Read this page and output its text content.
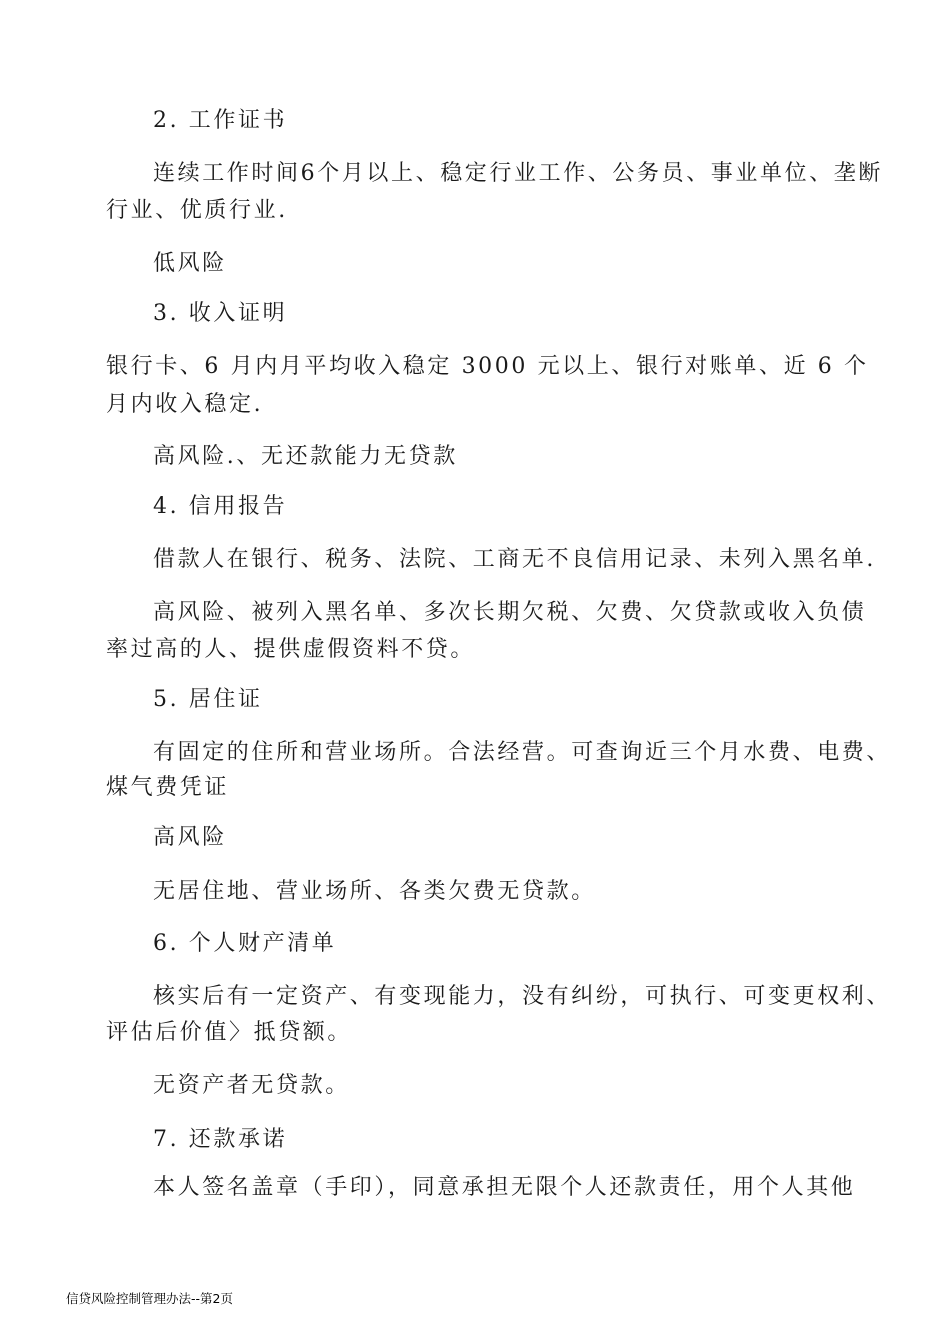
2. 工作证书
连续工作时间6个月以上、稳定行业工作、公务员、事业单位、垄断
行业、优质行业.
低风险
3. 收入证明
银行卡、6 月内月平均收入稳定 3000 元以上、银行对账单、近 6 个
月内收入稳定.
高风险.、无还款能力无贷款
4. 信用报告
借款人在银行、税务、法院、工商无不良信用记录、未列入黑名单.
高风险、被列入黑名单、多次长期欠税、欠费、欠贷款或收入负债
率过高的人、提供虚假资料不贷。
5. 居住证
有固定的住所和营业场所。合法经营。可查询近三个月水费、电费、
煤气费凭证
高风险
无居住地、营业场所、各类欠费无贷款。
6. 个人财产清单
核实后有一定资产、有变现能力，没有纠纷，可执行、可变更权利、
评估后价值〉抵贷额。
无资产者无贷款。
7. 还款承诺
本人签名盖章（手印），同意承担无限个人还款责任，用个人其他
信贷风险控制管理办法--第2页
